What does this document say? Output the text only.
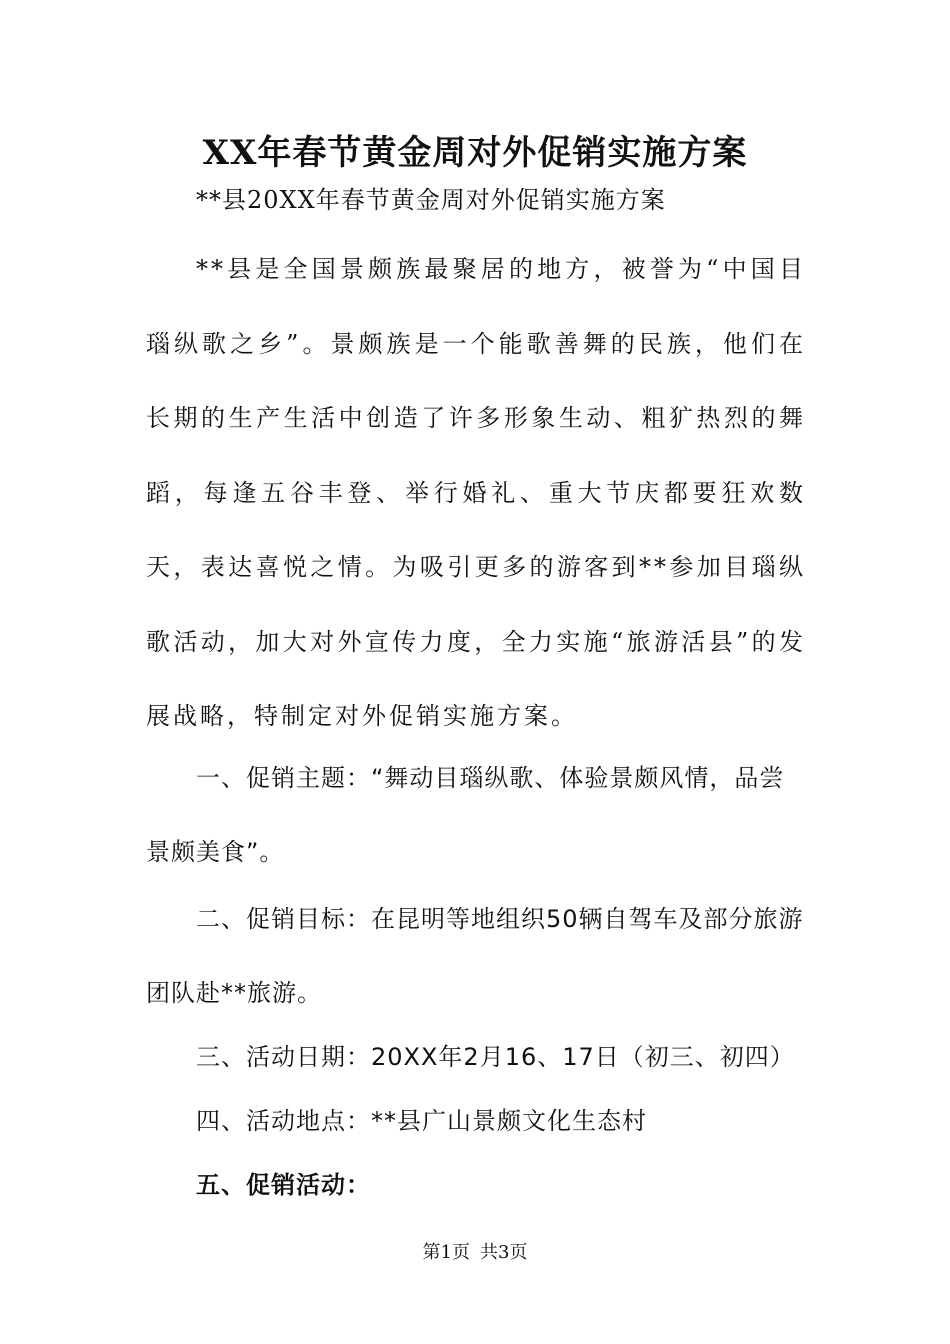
XX年春节黄金周对外促销实施方案
**县20XX年春节黄金周对外促销实施方案

**县是全国景颇族最聚居的地方，被誉为“中国目瑙纵歌之乡”。景颇族是一个能歌善舞的民族，他们在长期的生产生活中创造了许多形象生动、粗犷热烈的舞蹈，每逢五谷丰登、举行婚礼、重大节庆都要狂欢数天，表达喜悦之情。为吸引更多的游客到**参加目瑙纵歌活动，加大对外宣传力度，全力实施“旅游活县”的发展战略，特制定对外促销实施方案。

一、促销主题：“舞动目瑙纵歌、体验景颇风情，品尝景颇美食”。

二、促销目标：在昆明等地组织50辆自驾车及部分旅游团队赴**旅游。

三、活动日期：20XX年2月16、17日（初三、初四）

四、活动地点：**县广山景颇文化生态村

五、促销活动：

第1页 共3页
